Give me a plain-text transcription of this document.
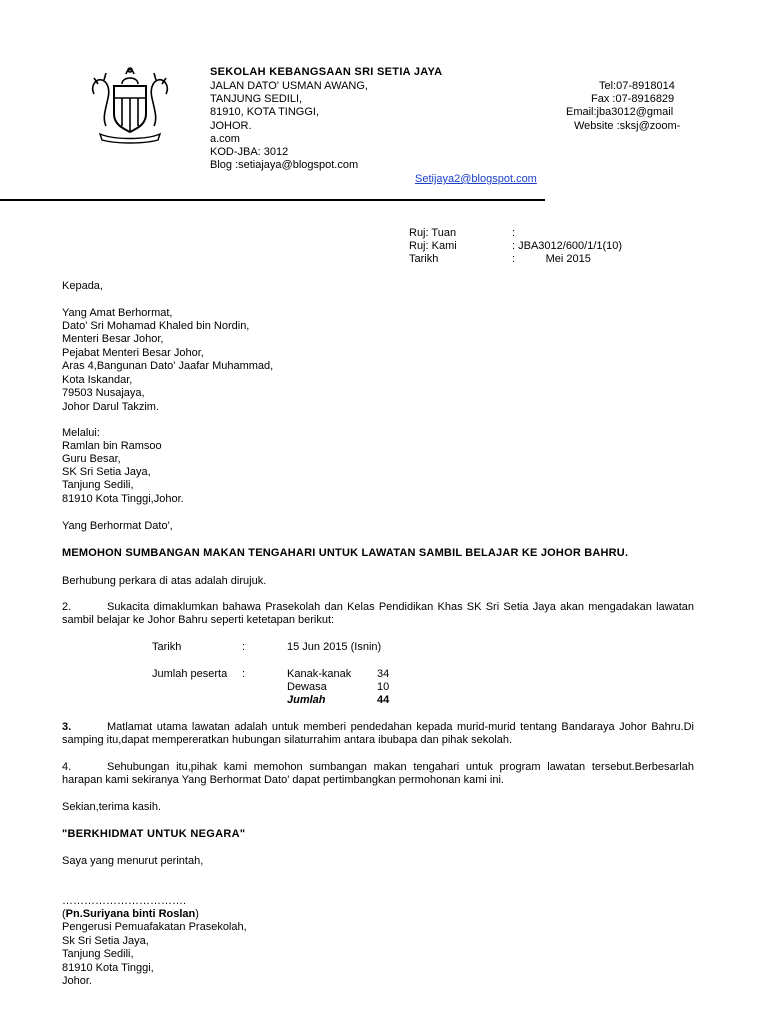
SEKOLAH KEBANGSAAN SRI SETIA JAYA
JALAN DATO' USMAN AWANG,
TANJUNG SEDILI,
81910, KOTA TINGGI,
JOHOR.
a.com
KOD-JBA: 3012
Blog :setiajaya@blogspot.com
Tel:07-8918014
Fax :07-8916829
Email:jba3012@gmail
Website :sksj@zoom-
Setijaya2@blogspot.com
Ruj: Tuan	:
Ruj: Kami	: JBA3012/600/1/1(10)
Tarikh	:          Mei 2015
Kepada,
Yang Amat Berhormat,
Dato' Sri Mohamad Khaled bin Nordin,
Menteri Besar Johor,
Pejabat Menteri Besar Johor,
Aras 4,Bangunan Dato' Jaafar Muhammad,
Kota Iskandar,
79503 Nusajaya,
Johor Darul Takzim.
Melalui:
Ramlan bin Ramsoo
Guru Besar,
SK Sri Setia Jaya,
Tanjung Sedili,
81910 Kota Tinggi,Johor.
Yang Berhormat Dato',
MEMOHON SUMBANGAN MAKAN TENGAHARI UNTUK LAWATAN SAMBIL BELAJAR KE JOHOR BAHRU.
Berhubung perkara di atas adalah dirujuk.
2.	Sukacita dimaklumkan bahawa Prasekolah dan Kelas Pendidikan Khas SK Sri Setia Jaya akan mengadakan lawatan sambil belajar ke Johor Bahru seperti ketetapan berikut:
Tarikh	:	15 Jun 2015 (Isnin)
Jumlah peserta :	Kanak-kanak 34
Dewasa	10
Jumlah	44
3.	Matlamat utama lawatan adalah untuk memberi pendedahan kepada murid-murid tentang Bandaraya Johor Bahru.Di samping itu,dapat mempereratkan hubungan silaturrahim antara ibubapa dan pihak sekolah.
4.	Sehubungan itu,pihak kami memohon sumbangan makan tengahari untuk program lawatan tersebut.Berbesarlah harapan kami sekiranya Yang Berhormat Dato' dapat pertimbangkan permohonan kami ini.
Sekian,terima kasih.
"BERKHIDMAT UNTUK NEGARA"
Saya yang menurut perintah,
…………………………….
(Pn.Suriyana binti Roslan)
Pengerusi Pemuafakatan Prasekolah,
Sk Sri Setia Jaya,
Tanjung Sedili,
81910 Kota Tinggi,
Johor.
